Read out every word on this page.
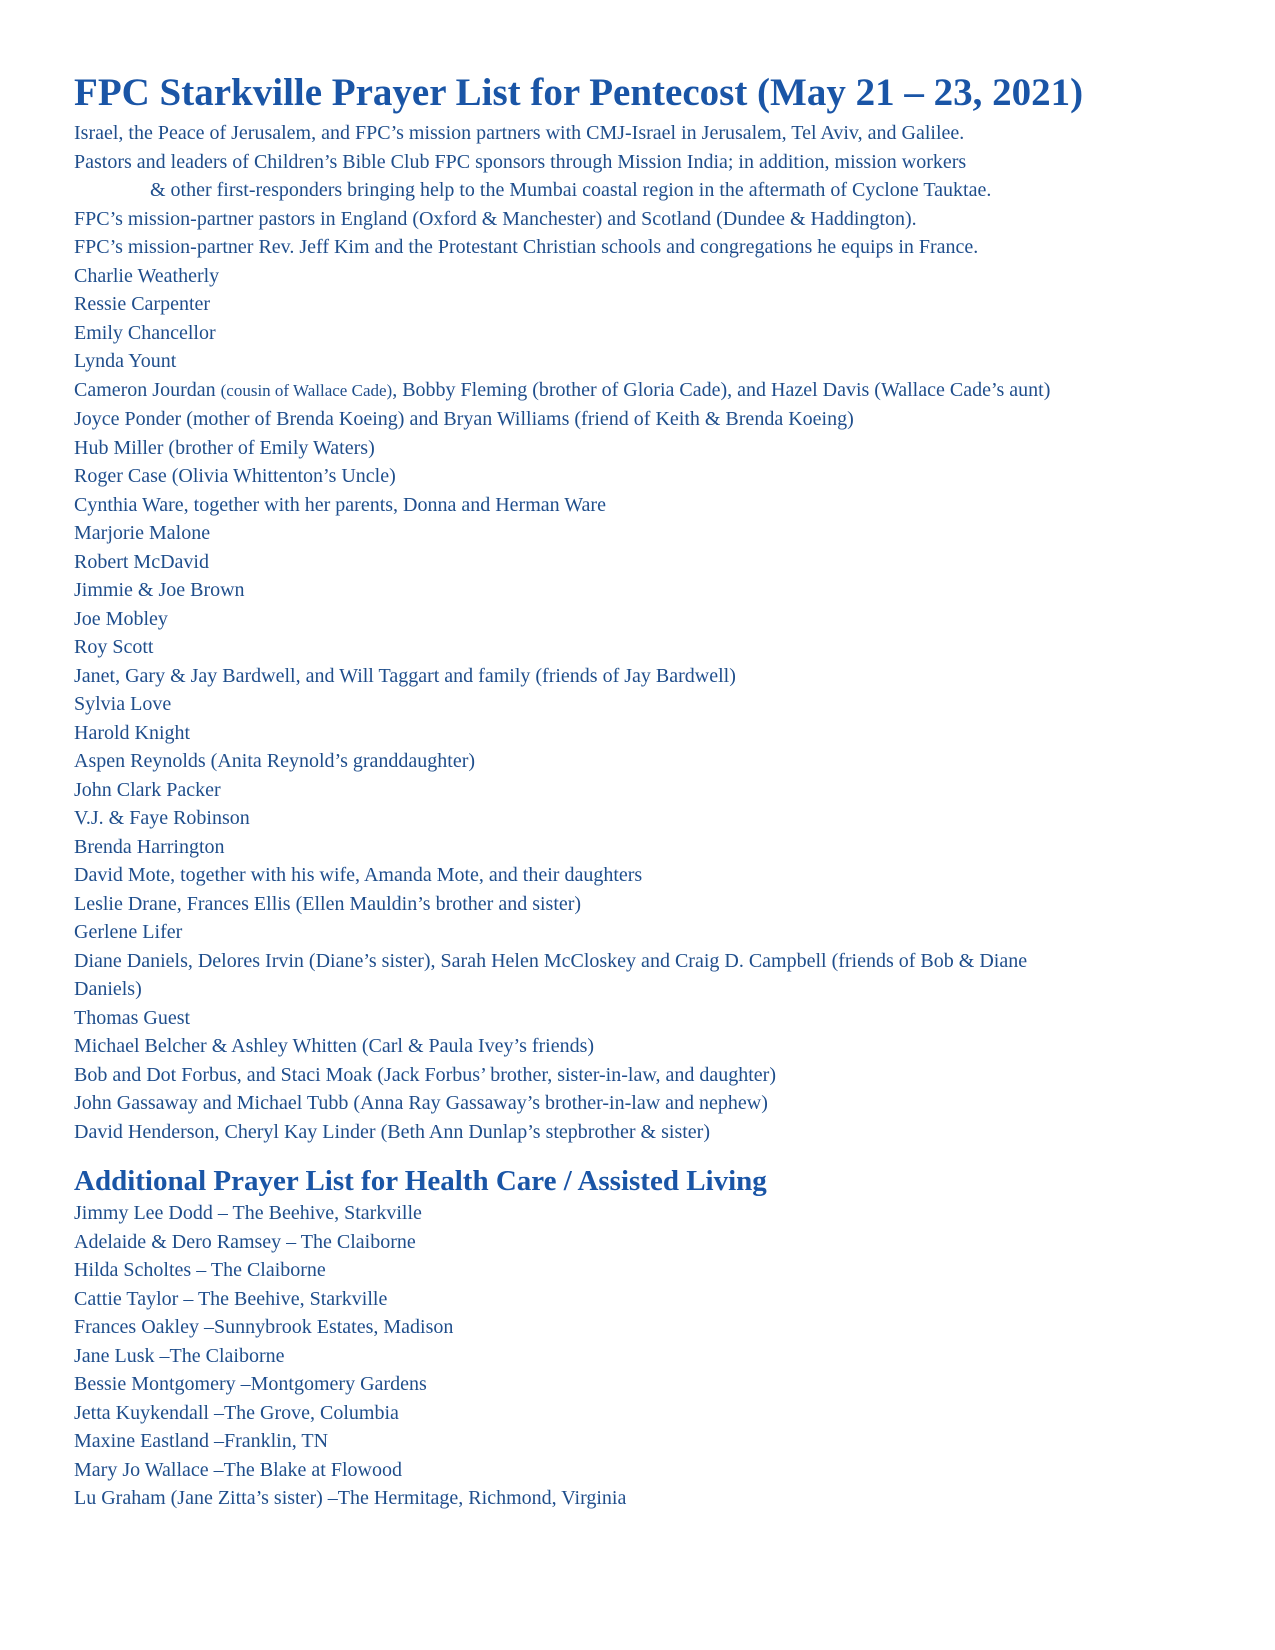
FPC Starkville Prayer List for Pentecost (May 21 – 23, 2021)
Israel, the Peace of Jerusalem, and FPC’s mission partners with CMJ-Israel in Jerusalem, Tel Aviv, and Galilee.
Pastors and leaders of Children’s Bible Club FPC sponsors through Mission India; in addition, mission workers
& other first-responders bringing help to the Mumbai coastal region in the aftermath of Cyclone Tauktae.
FPC’s mission-partner pastors in England (Oxford & Manchester) and Scotland (Dundee & Haddington).
FPC’s mission-partner Rev. Jeff Kim and the Protestant Christian schools and congregations he equips in France.
Charlie Weatherly
Ressie Carpenter
Emily Chancellor
Lynda Yount
Cameron Jourdan (cousin of Wallace Cade), Bobby Fleming (brother of Gloria Cade), and Hazel Davis (Wallace Cade’s aunt)
Joyce Ponder (mother of Brenda Koeing) and Bryan Williams (friend of Keith & Brenda Koeing)
Hub Miller (brother of Emily Waters)
Roger Case (Olivia Whittenton’s Uncle)
Cynthia Ware, together with her parents, Donna and Herman Ware
Marjorie Malone
Robert McDavid
Jimmie & Joe Brown
Joe Mobley
Roy Scott
Janet, Gary & Jay Bardwell, and Will Taggart and family (friends of Jay Bardwell)
Sylvia Love
Harold Knight
Aspen Reynolds (Anita Reynold’s granddaughter)
John Clark Packer
V.J. & Faye Robinson
Brenda Harrington
David Mote, together with his wife, Amanda Mote, and their daughters
Leslie Drane, Frances Ellis (Ellen Mauldin’s brother and sister)
Gerlene Lifer
Diane Daniels, Delores Irvin (Diane’s sister), Sarah Helen McCloskey and Craig D. Campbell (friends of Bob & Diane
Daniels)
Thomas Guest
Michael Belcher & Ashley Whitten (Carl & Paula Ivey’s friends)
Bob and Dot Forbus, and Staci Moak (Jack Forbus’ brother, sister-in-law, and daughter)
John Gassaway and Michael Tubb (Anna Ray Gassaway’s brother-in-law and nephew)
David Henderson, Cheryl Kay Linder (Beth Ann Dunlap’s stepbrother & sister)
Additional Prayer List for Health Care / Assisted Living
Jimmy Lee Dodd – The Beehive, Starkville
Adelaide & Dero Ramsey – The Claiborne
Hilda Scholtes – The Claiborne
Cattie Taylor – The Beehive, Starkville
Frances Oakley –Sunnybrook Estates, Madison
Jane Lusk –The Claiborne
Bessie Montgomery –Montgomery Gardens
Jetta Kuykendall –The Grove, Columbia
Maxine Eastland –Franklin, TN
Mary Jo Wallace –The Blake at Flowood
Lu Graham (Jane Zitta’s sister) –The Hermitage, Richmond, Virginia
